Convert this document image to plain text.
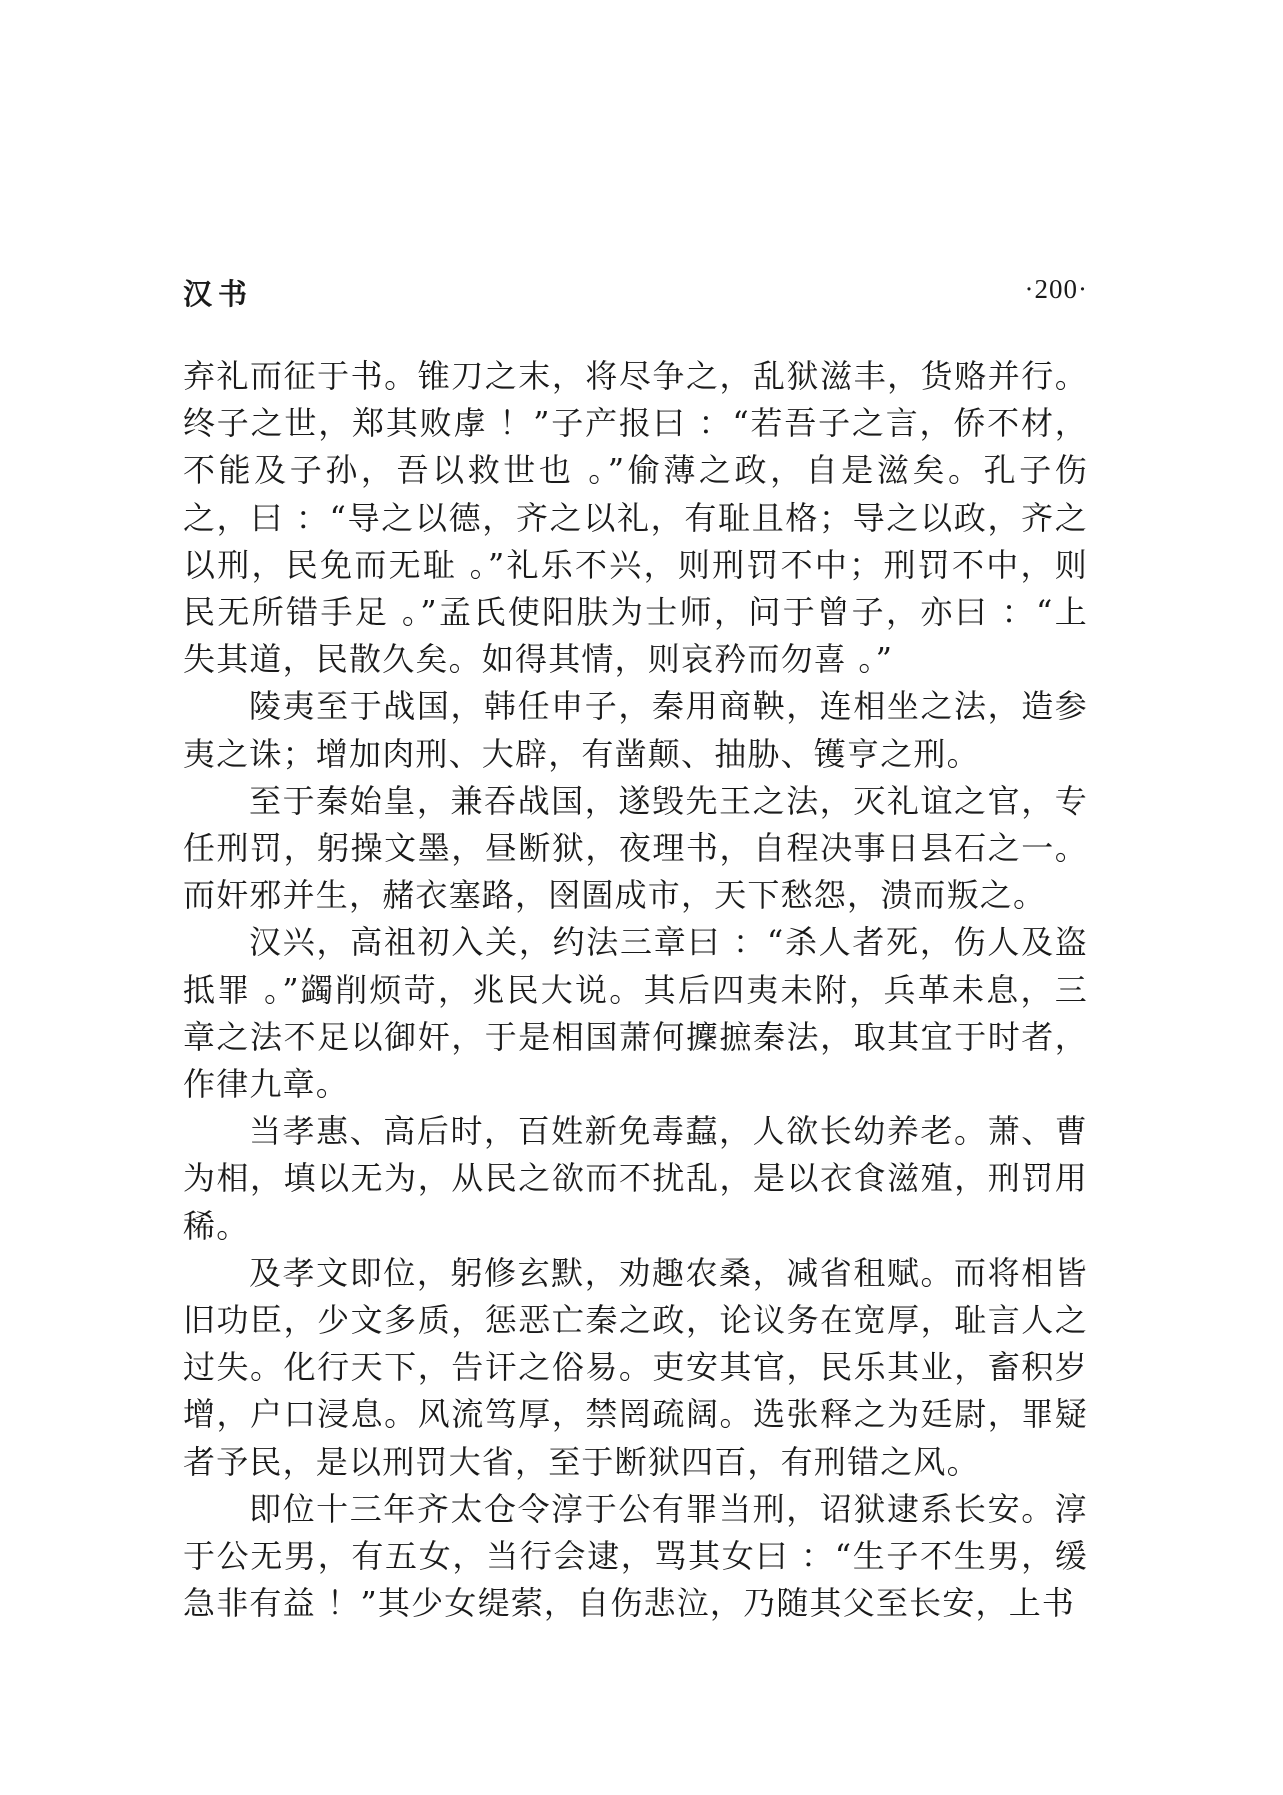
汉书	·200·

弃礼而征于书。锥刀之末，将尽争之，乱狱滋丰，货赂并行。终子之世，郑其败虖 ！”子产报曰 ：“若吾子之言，侨不材，不能及子孙，吾以救世也 。”偷薄之政，自是滋矣。孔子伤之，曰 ：“导之以德，齐之以礼，有耻且格；导之以政，齐之以刑，民免而无耻 。”礼乐不兴，则刑罚不中；刑罚不中，则民无所错手足 。”孟氏使阳肤为士师，问于曾子，亦曰 ：“上失其道，民散久矣。如得其情，则哀矜而勿喜 。”

陵夷至于战国，韩任申子，秦用商鞅，连相坐之法，造参夷之诛；增加肉刑、大辟，有凿颠、抽胁、镬亨之刑。

至于秦始皇，兼吞战国，遂毁先王之法，灭礼谊之官，专任刑罚，躬操文墨，昼断狱，夜理书，自程决事日县石之一。而奸邪并生，赭衣塞路，囹圄成市，天下愁怨，溃而叛之。

汉兴，高祖初入关，约法三章曰 ：“杀人者死，伤人及盗抵罪 。”蠲削烦苛，兆民大说。其后四夷未附，兵革未息，三章之法不足以御奸，于是相国萧何攈摭秦法，取其宜于时者，作律九章。

当孝惠、高后时，百姓新免毒蠚，人欲长幼养老。萧、曹为相，填以无为，从民之欲而不扰乱，是以衣食滋殖，刑罚用稀。

及孝文即位，躬修玄默，劝趣农桑，减省租赋。而将相皆旧功臣，少文多质，惩恶亡秦之政，论议务在宽厚，耻言人之过失。化行天下，告讦之俗易。吏安其官，民乐其业，畜积岁增，户口浸息。风流笃厚，禁罔疏阔。选张释之为廷尉，罪疑者予民，是以刑罚大省，至于断狱四百，有刑错之风。

即位十三年齐太仓令淳于公有罪当刑，诏狱逮系长安。淳于公无男，有五女，当行会逮，骂其女曰 ：“生子不生男，缓急非有益 ！”其少女缇萦，自伤悲泣，乃随其父至长安，上书
